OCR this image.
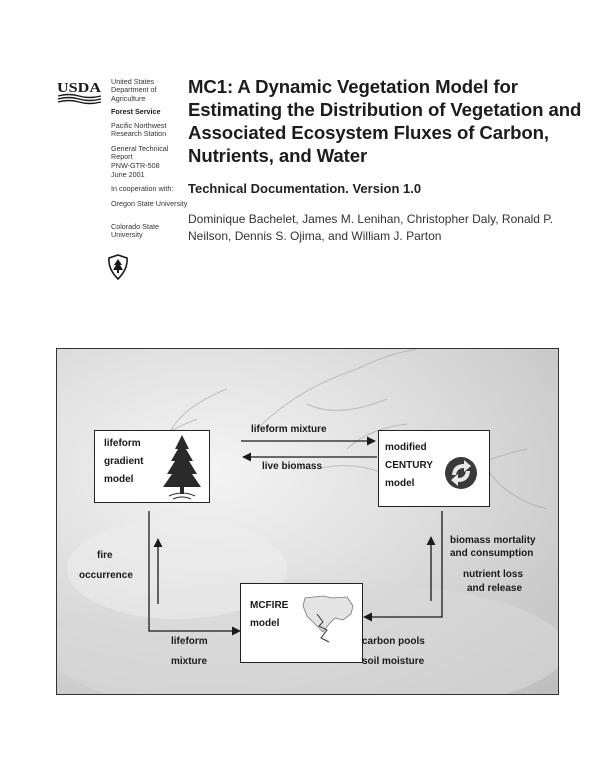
USDA United States Department of Agriculture
Forest Service
Pacific Northwest Research Station
General Technical Report
PNW-GTR-508
June 2001
In cooperation with:
Oregon State University
Colorado State University
MC1: A Dynamic Vegetation Model for Estimating the Distribution of Vegetation and Associated Ecosystem Fluxes of Carbon, Nutrients, and Water
Technical Documentation. Version 1.0
Dominique Bachelet, James M. Lenihan, Christopher Daly, Ronald P. Neilson, Dennis S. Ojima, and William J. Parton
lifeform gradient model
modified CENTURY model
MCFIRE model
lifeform mixture
live biomass
fire
occurrence
lifeform
mixture
carbon pools
soil moisture
biomass mortality
and consumption
nutrient loss
and release
